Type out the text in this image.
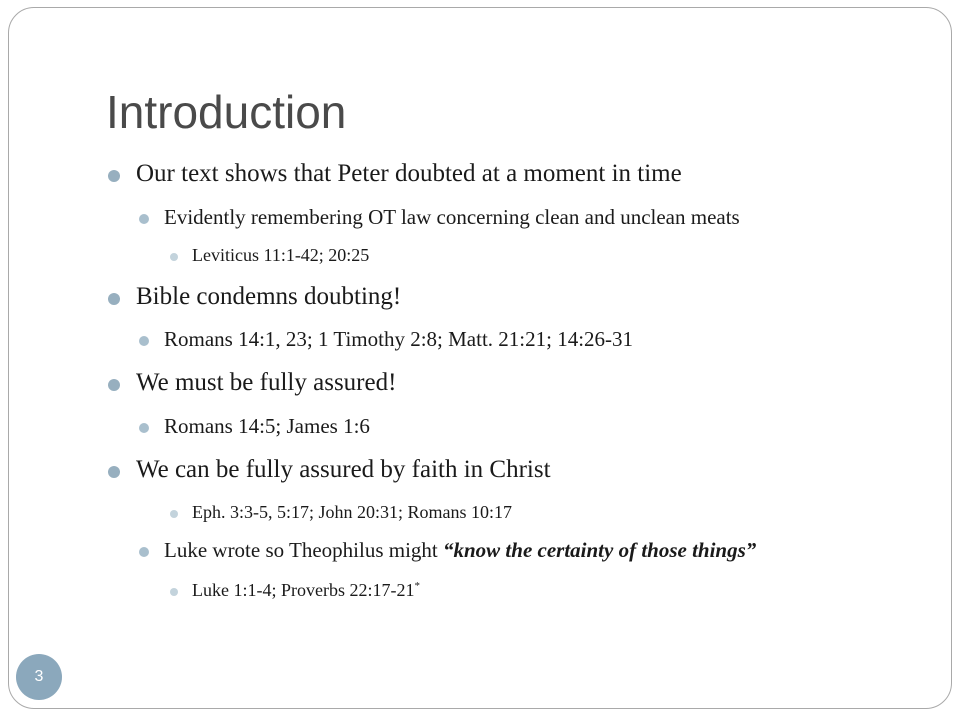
Introduction
Our text shows that Peter doubted at a moment in time
Evidently remembering OT law concerning clean and unclean meats
Leviticus 11:1-42; 20:25
Bible condemns doubting!
Romans 14:1, 23; 1 Timothy 2:8; Matt. 21:21; 14:26-31
We must be fully assured!
Romans 14:5; James 1:6
We can be fully assured by faith in Christ
Eph. 3:3-5, 5:17; John 20:31; Romans 10:17
Luke wrote so Theophilus might “know the certainty of those things”
Luke 1:1-4; Proverbs 22:17-21*
3
